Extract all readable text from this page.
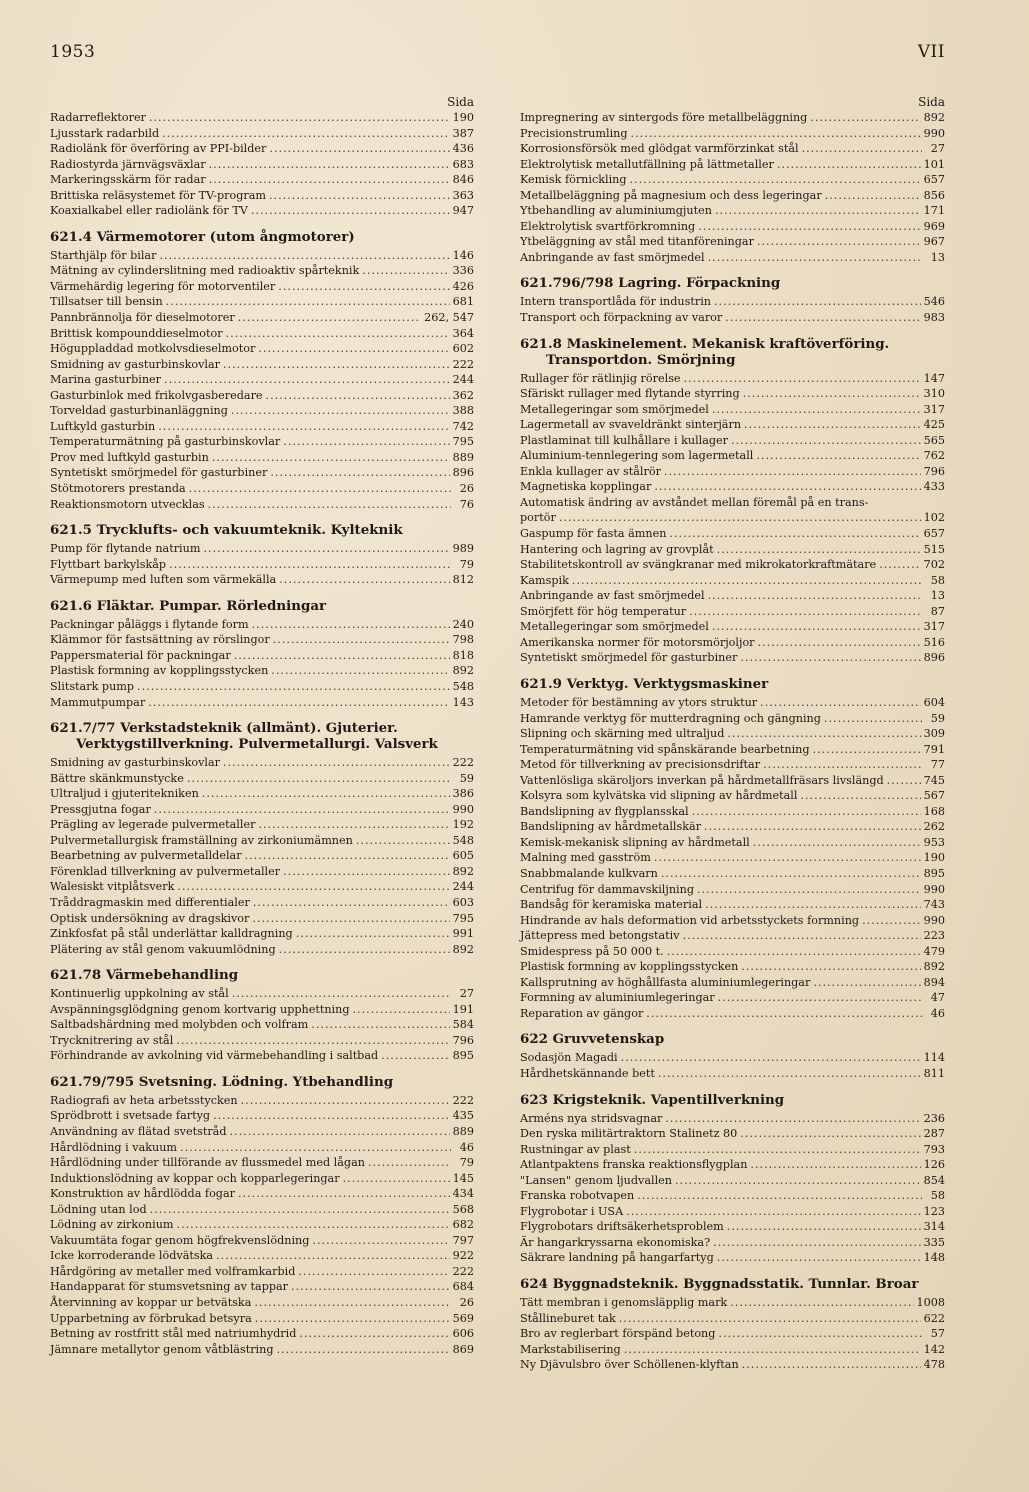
1953	VII
Sida
Radarreflektorer .....	190
Ljusstark radarbild .....	387
Radiolänk för överföring av PPI-bilder .....	436
Radiostyrda järnvägsväxlar .....	683
Markeringsskärm för radar .....	846
Brittiska reläsystemet för TV-program .....	363
Koaxialkabel eller radiolänk för TV .....	947
621.4 Värmemotorer (utom ångmotorer)
Starthjälp för bilar .....	146
Mätning av cylinderslitning med radioaktiv spårteknik .....	336
Värmehärdig legering för motorventiler .....	426
Tillsatser till bensin .....	681
Pannbrännolja för dieselmotorer .....	262, 547
Brittisk kompounddieselmotor .....	364
Höguppladdad motkolvsdieselmotor .....	602
Smidning av gasturbinskovlar .....	222
Marina gasturbiner .....	244
Gasturbinlok med frikolvgasberedare .....	362
Torveldad gasturbinanläggning .....	388
Luftkyld gasturbin .....	742
Temperaturmätning på gasturbinskovlar .....	795
Prov med luftkyld gasturbin .....	889
Syntetiskt smörjmedel för gasturbiner .....	896
Stötmotorers prestanda .....	26
Reaktionsmotorn utvecklas .....	76
621.5 Trycklufts- och vakuumteknik. Kylteknik
Pump för flytande natrium .....	989
Flyttbart barkylskåp .....	79
Värmepump med luften som värmekälla .....	812
621.6 Fläktar. Pumpar. Rörledningar
Packningar påläggs i flytande form .....	240
Klämmor för fastsättning av rörslingor .....	798
Pappersmaterial för packningar .....	818
Plastisk formning av kopplingsstycken .....	892
Slitstark pump .....	548
Mammutpumpar .....	143
621.7/77 Verkstadsteknik (allmänt). Gjuterier.
Verktygstillverkning. Pulvermetallurgi. Valsverk
Smidning av gasturbinskovlar .....	222
Bättre skänkmunstycke .....	59
Ultraljud i gjuteritekniken .....	386
Pressgjutna fogar .....	990
Prägling av legerade pulvermetaller .....	192
Pulvermetallurgisk framställning av zirkoniumämnen .....	548
Bearbetning av pulvermetalldelar .....	605
Förenklad tillverkning av pulvermetaller .....	892
Walesiskt vitplåtsverk .....	244
Tråddragmaskin med differentialer .....	603
Optisk undersökning av dragskivor .....	795
Zinkfosfat på stål underlättar kalldragning .....	991
Plätering av stål genom vakuumlödning .....	892
621.78 Värmebehandling
Kontinuerlig uppkolning av stål .....	27
Avspänningsglödgning genom kortvarig upphettning .....	191
Saltbadshärdning med molybden och volfram .....	584
Trycknitrering av stål .....	796
Förhindrande av avkolning vid värmebehandling i saltbad .....	895
621.79/795 Svetsning. Lödning. Ytbehandling
Radiografi av heta arbetsstycken .....	222
Sprödbrott i svetsade fartyg .....	435
Användning av flätad svetstråd .....	889
Hårdlödning i vakuum .....	46
Hårdlödning under tillförande av flussmedel med lågan .....	79
Induktionslödning av koppar och kopparlegeringar .....	145
Konstruktion av hårdlödda fogar .....	434
Lödning utan lod .....	568
Lödning av zirkonium .....	682
Vakuumtäta fogar genom högfrekvenslödning .....	797
Icke korroderande lödvätska .....	922
Hårdgöring av metaller med volframkarbid .....	222
Handapparat för stumsvetsning av tappar .....	684
Återvinning av koppar ur betvätska .....	26
Upparbetning av förbrukad betsyra .....	569
Betning av rostfritt stål med natriumhydrid .....	606
Jämnare metallytor genom våtblästring .....	869
Sida
Impregnering av sintergods före metallbeläggning .....	892
Precisionstrumling .....	990
Korrosionsförsök med glödgat varmförzinkat stål .....	27
Elektrolytisk metallutfällning på lättmetaller .....	101
Kemisk förnickling .....	657
Metallbeläggning på magnesium och dess legeringar .....	856
Ytbehandling av aluminiumgjuten .....	171
Elektrolytisk svartförkromning .....	969
Ytbeläggning av stål med titanföreningar .....	967
Anbringande av fast smörjmedel .....	13
621.796/798 Lagring. Förpackning
Intern transportlåda för industrin .....	546
Transport och förpackning av varor .....	983
621.8 Maskinelement. Mekanisk kraftöverföring.
Transportdon. Smörjning
Rullager för rätlinjig rörelse .....	147
Sfäriskt rullager med flytande styrring .....	310
Metallegeringar som smörjmedel .....	317
Lagermetall av svaveldränkt sinterjärn .....	425
Plastlaminat till kulhållare i kullager .....	565
Aluminium-tennlegering som lagermetall .....	762
Enkla kullager av stålrör .....	796
Magnetiska kopplingar .....	433
Automatisk ändring av avståndet mellan föremål på en trans-
portör .....	102
Gaspump för fasta ämnen .....	657
Hantering och lagring av grovplåt .....	515
Stabilitetskontroll av svängkranar med mikrokatorkraftmätare .....	702
Kamspik .....	58
Anbringande av fast smörjmedel .....	13
Smörjfett för hög temperatur .....	87
Metallegeringar som smörjmedel .....	317
Amerikanska normer för motorsmörjoljor .....	516
Syntetiskt smörjmedel för gasturbiner .....	896
621.9 Verktyg. Verktygsmaskiner
Metoder för bestämning av ytors struktur .....	604
Hamrande verktyg för mutterdragning och gängning .....	59
Slipning och skärning med ultraljud .....	309
Temperaturmätning vid spånskärande bearbetning .....	791
Metod för tillverkning av precisionsdriftar .....	77
Vattenlösliga skäroljors inverkan på hårdmetallfräsars livslängd .....	745
Kolsyra som kylvätska vid slipning av hårdmetall .....	567
Bandslipning av flygplansskal .....	168
Bandslipning av hårdmetallskär .....	262
Kemisk-mekanisk slipning av hårdmetall .....	953
Malning med gasström .....	190
Snabbmalande kulkvarn .....	895
Centrifug för dammavskiljning .....	990
Bandsåg för keramiska material .....	743
Hindrande av hals deformation vid arbetsstyckets formning .....	990
Jättepress med betongstativ .....	223
Smidespress på 50 000 t. .....	479
Plastisk formning av kopplingsstycken .....	892
Kallsprutning av höghållfasta aluminiumlegeringar .....	894
Formning av aluminiumlegeringar .....	47
Reparation av gängor .....	46
622 Gruvvetenskap
Sodasjön Magadi .....	114
Hårdhetskännande bett .....	811
623 Krigsteknik. Vapentillverkning
Arméns nya stridsvagnar .....	236
Den ryska militärtraktorn Stalinetz 80 .....	287
Rustningar av plast .....	793
Atlantpaktens franska reaktionsflygplan .....	126
"Lansen" genom ljudvallen .....	854
Franska robotvapen .....	58
Flygrobotar i USA .....	123
Flygrobotars driftsäkerhetsproblem .....	314
Är hangarkryssarna ekonomiska? .....	335
Säkrare landning på hangarfartyg .....	148
624 Byggnadsteknik. Byggnadsstatik. Tunnlar. Broar
Tätt membran i genomsläpplig mark .....	1008
Stållineburet tak .....	622
Bro av reglerbart förspänd betong .....	57
Markstabilisering .....	142
Ny Djävulsbro över Schöllenen-klyftan .....	478
